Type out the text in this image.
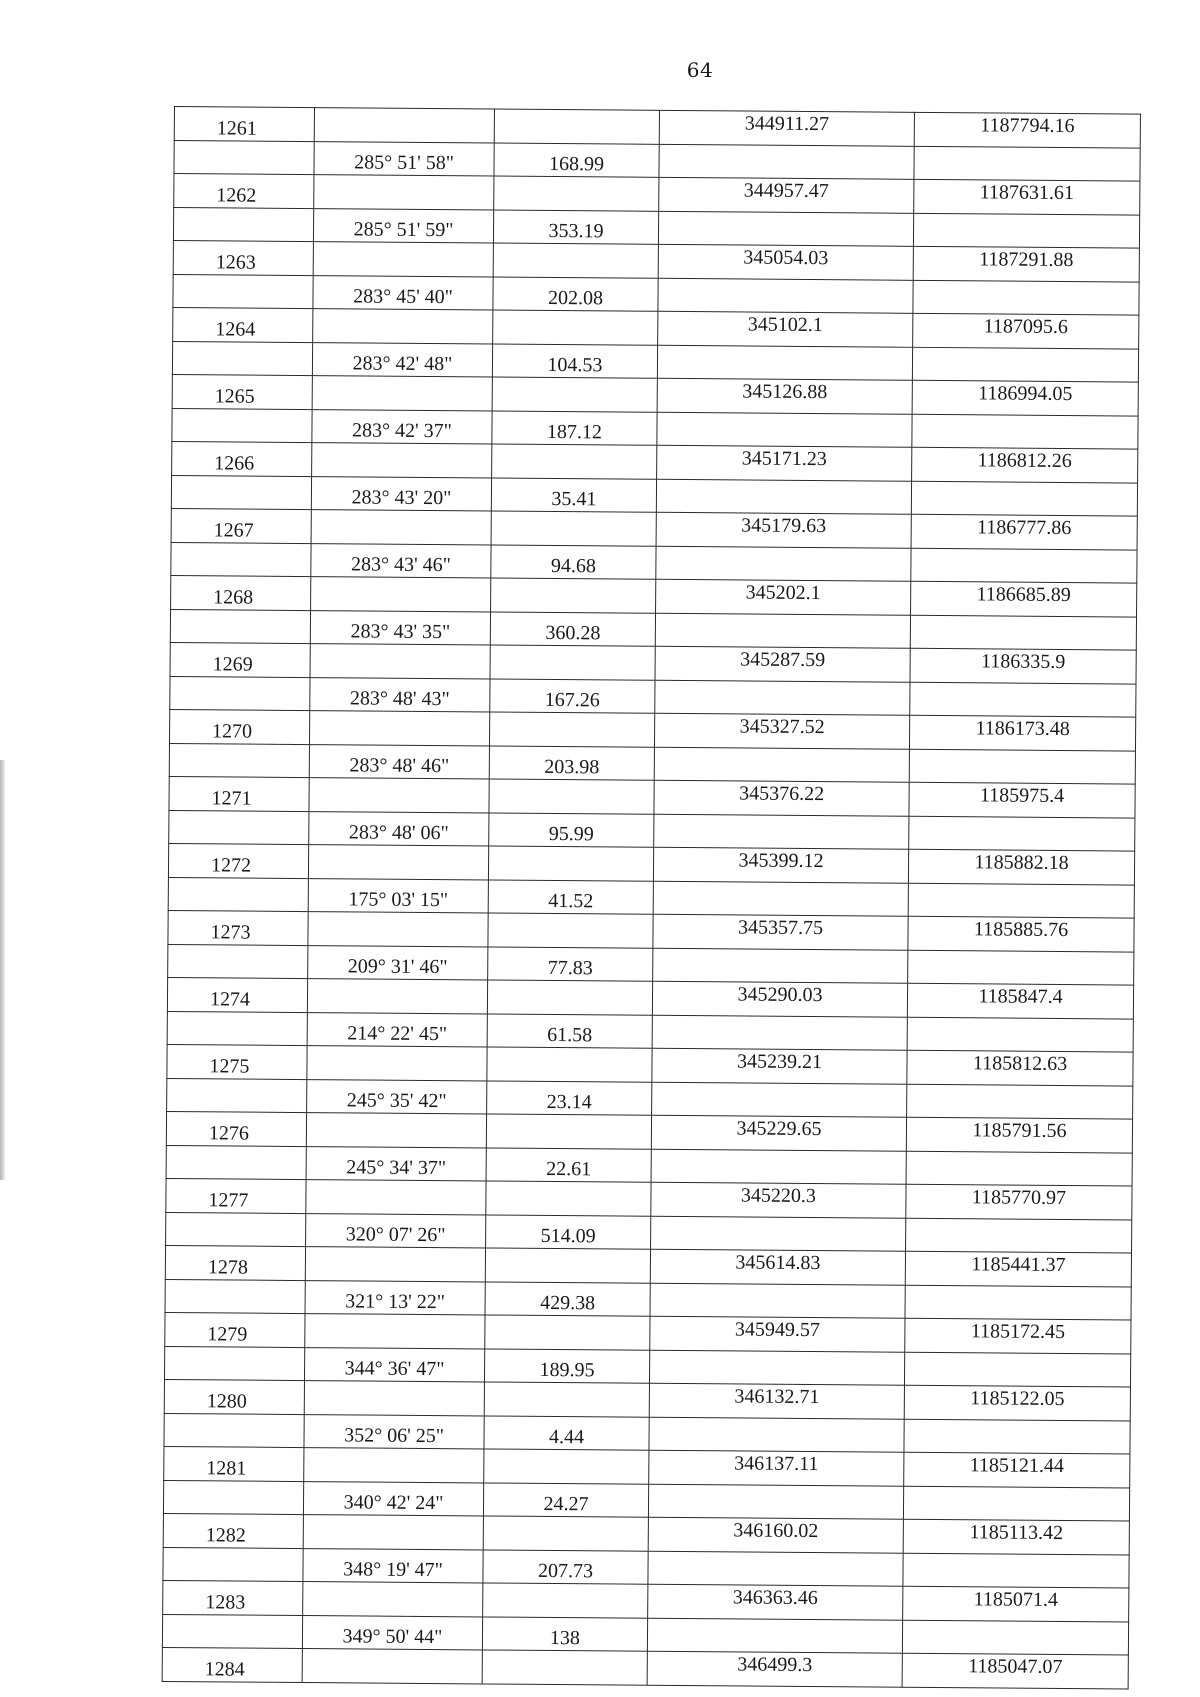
64
1261			344911.27	1187794.16
	285° 51' 58"	168.99		
1262			344957.47	1187631.61
	285° 51' 59"	353.19		
1263			345054.03	1187291.88
	283° 45' 40"	202.08		
1264			345102.1	1187095.6
	283° 42' 48"	104.53		
1265			345126.88	1186994.05
	283° 42' 37"	187.12		
1266			345171.23	1186812.26
	283° 43' 20"	35.41		
1267			345179.63	1186777.86
	283° 43' 46"	94.68		
1268			345202.1	1186685.89
	283° 43' 35"	360.28		
1269			345287.59	1186335.9
	283° 48' 43"	167.26		
1270			345327.52	1186173.48
	283° 48' 46"	203.98		
1271			345376.22	1185975.4
	283° 48' 06"	95.99		
1272			345399.12	1185882.18
	175° 03' 15"	41.52		
1273			345357.75	1185885.76
	209° 31' 46"	77.83		
1274			345290.03	1185847.4
	214° 22' 45"	61.58		
1275			345239.21	1185812.63
	245° 35' 42"	23.14		
1276			345229.65	1185791.56
	245° 34' 37"	22.61		
1277			345220.3	1185770.97
	320° 07' 26"	514.09		
1278			345614.83	1185441.37
	321° 13' 22"	429.38		
1279			345949.57	1185172.45
	344° 36' 47"	189.95		
1280			346132.71	1185122.05
	352° 06' 25"	4.44		
1281			346137.11	1185121.44
	340° 42' 24"	24.27		
1282			346160.02	1185113.42
	348° 19' 47"	207.73		
1283			346363.46	1185071.4
	349° 50' 44"	138		
1284			346499.3	1185047.07
